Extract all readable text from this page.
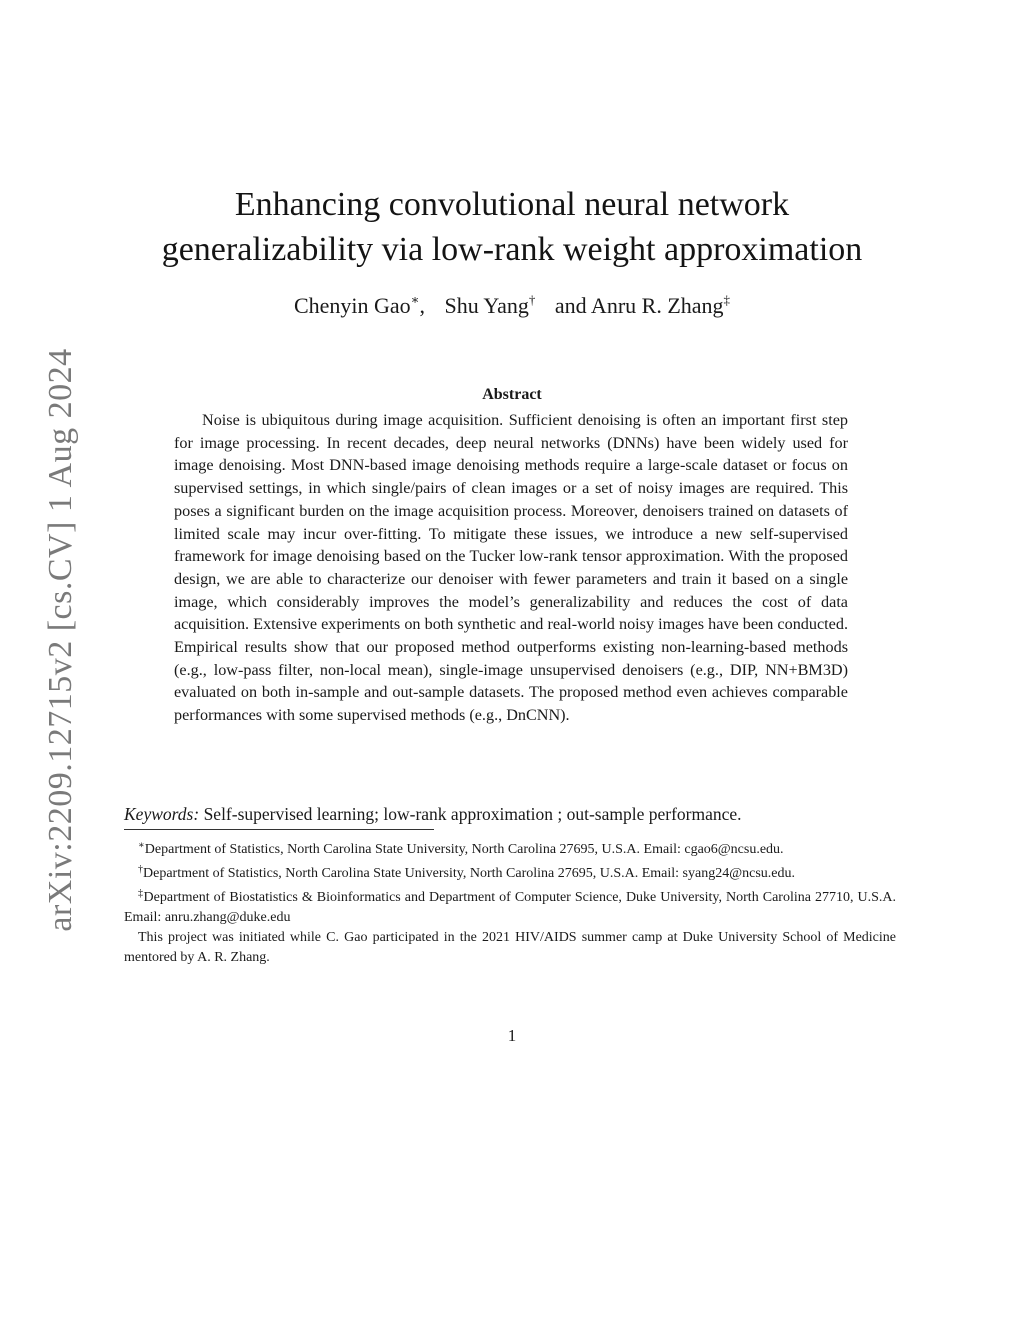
arXiv:2209.12715v2 [cs.CV] 1 Aug 2024
Enhancing convolutional neural network
generalizability via low-rank weight approximation
Chenyin Gao∗, Shu Yang† and Anru R. Zhang‡
Abstract
Noise is ubiquitous during image acquisition. Sufficient denoising is often an important first step for image processing. In recent decades, deep neural networks (DNNs) have been widely used for image denoising. Most DNN-based image denoising methods require a large-scale dataset or focus on supervised settings, in which single/pairs of clean images or a set of noisy images are required. This poses a significant burden on the image acquisition process. Moreover, denoisers trained on datasets of limited scale may incur over-fitting. To mitigate these issues, we introduce a new self-supervised framework for image denoising based on the Tucker low-rank tensor approximation. With the proposed design, we are able to characterize our denoiser with fewer parameters and train it based on a single image, which considerably improves the model’s generalizability and reduces the cost of data acquisition. Extensive experiments on both synthetic and real-world noisy images have been conducted. Empirical results show that our proposed method outperforms existing non-learning-based methods (e.g., low-pass filter, non-local mean), single-image unsupervised denoisers (e.g., DIP, NN+BM3D) evaluated on both in-sample and out-sample datasets. The proposed method even achieves comparable performances with some supervised methods (e.g., DnCNN).
Keywords: Self-supervised learning; low-rank approximation ; out-sample performance.

∗Department of Statistics, North Carolina State University, North Carolina 27695, U.S.A. Email: cgao6@ncsu.edu.

†Department of Statistics, North Carolina State University, North Carolina 27695, U.S.A. Email: syang24@ncsu.edu.

‡Department of Biostatistics & Bioinformatics and Department of Computer Science, Duke University, North Carolina 27710, U.S.A. Email: anru.zhang@duke.edu

This project was initiated while C. Gao participated in the 2021 HIV/AIDS summer camp at Duke University School of Medicine mentored by A. R. Zhang.

1
